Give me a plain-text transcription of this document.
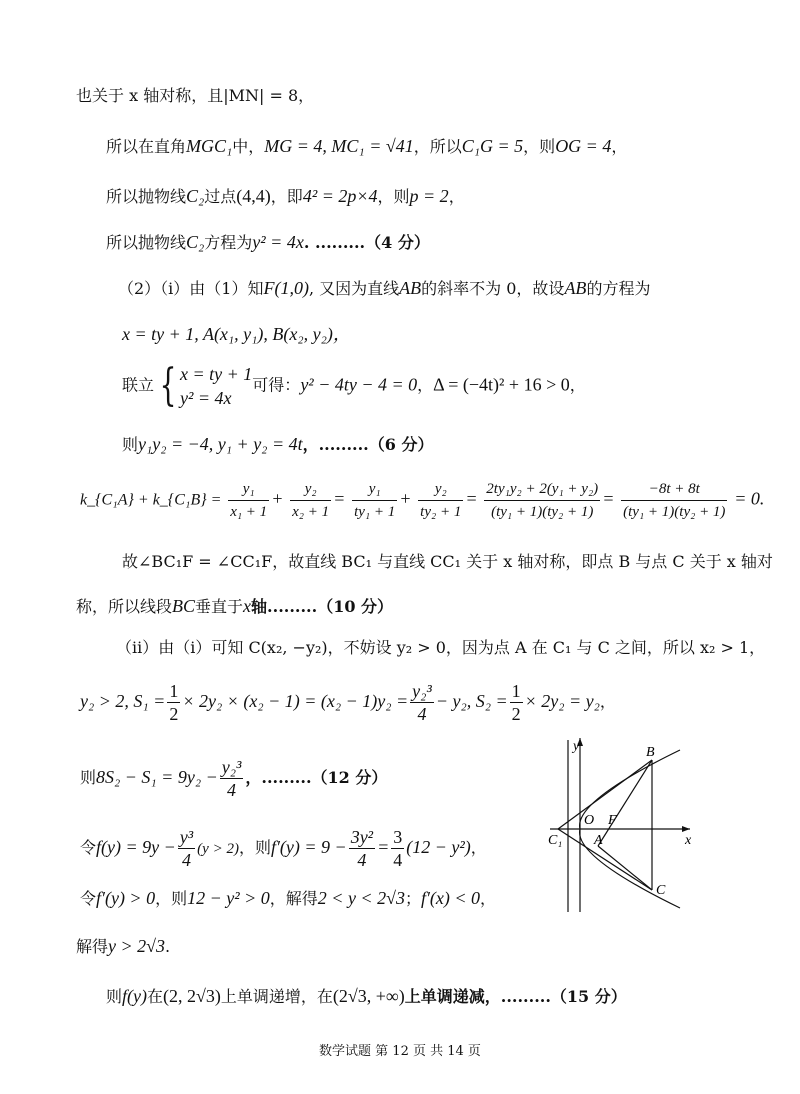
也关于 x 轴对称，且|MN| = 8，
所以在直角MGC₁中，MG = 4, MC₁ = √41，所以C₁G = 5，则OG = 4，
所以抛物线C₂过点(4,4)，即4² = 2p×4，则p = 2，
所以抛物线C₂方程为y² = 4x. .........（4 分）
（2）（i）由（1）知F(1,0), 又因为直线AB的斜率不为 0，故设AB的方程为
x = ty + 1, A(x₁, y₁), B(x₂, y₂)，
联立 { x = ty + 1
y² = 4x
可得：y² − 4ty − 4 = 0，Δ = (−4t)² + 16 > 0，
则y₁y₂ = −4, y₁ + y₂ = 4t，.........（6 分）
k_{C₁A} + k_{C₁B} = $\frac{\text{y₁}}{\text{x₁ + 1}} + \frac{\text{y₂}}{\text{x₂ + 1}} = \frac{\text{y₁}}{\text{ty₁ + 1}} + \frac{\text{y₂}}{\text{ty₂ + 1}} = \frac{\text{2ty₁y₂ + 2(y₁ + y₂)}}{\text{(ty₁ + 1)(ty₂ + 1)}} = \frac{-8t + 8t}{\text{(ty₁ + 1)(ty₂ + 1)}} = 0$.
故∠BC₁F = ∠CC₁F，故直线 BC₁ 与直线 CC₁ 关于 x 轴对称，即点 B 与点 C 关于 x 轴对
称，所以线段BC垂直于x轴.........（10 分）
（ii）由（i）可知 C(x₂, −y₂)，不妨设 y₂ > 0，因为点 A 在 C₁ 与 C 之间，所以 x₂ > 1，
y₂ > 2, $S_1 = \frac{1}{2} \times 2y_2 \times (x_2 - 1) = (x_2 - 1)y_2 = \frac{\text{y₂³}}{4} - y_2$, $S_2 = \frac{1}{2} \times 2y_2 = y_2$，
则$8S_2 - S_1 = 9y_2 - \frac{\text{y₂³}}{4}$ ，.........（12 分）
令$f(y) = 9y - \frac{\text{y³}}{4} (y > 2)$，则$f'(y) = 9 - \frac{\text{3y²}}{4} = \frac{3}{4} (12 - y^2)$，
令f′(y) > 0，则12 − y² > 0，解得2 < y < 2√3；f′(x) < 0，
解得y > 2√3.
则f(y)在(2, 2√3)上单调递增，在(2√3, +∞)上单调递减，.........（15 分）
y
x
B
O F
C₁ A
C
数学试题 第 12 页 共 14 页
